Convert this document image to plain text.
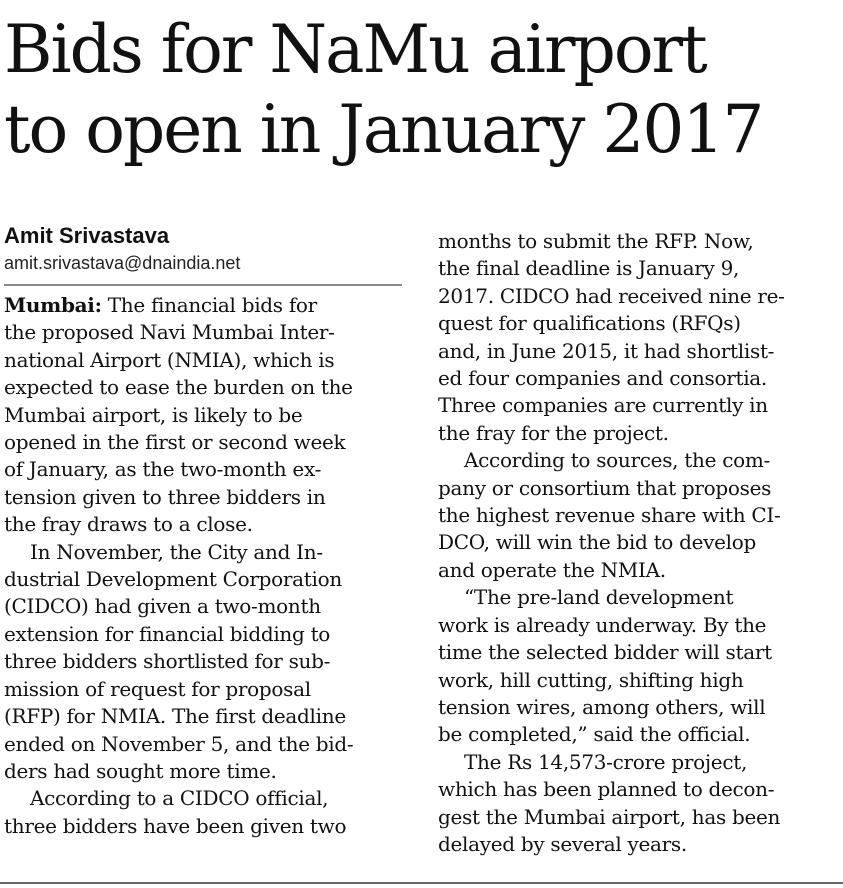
Bids for NaMu airport
to open in January 2017
Amit Srivastava
amit.srivastava@dnaindia.net
Mumbai: The financial bids for
the proposed Navi Mumbai Inter-
national Airport (NMIA), which is
expected to ease the burden on the
Mumbai airport, is likely to be
opened in the first or second week
of January, as the two-month ex-
tension given to three bidders in
the fray draws to a close.
In November, the City and In-
dustrial Development Corporation
(CIDCO) had given a two-month
extension for financial bidding to
three bidders shortlisted for sub-
mission of request for proposal
(RFP) for NMIA. The first deadline
ended on November 5, and the bid-
ders had sought more time.
According to a CIDCO official,
three bidders have been given two
months to submit the RFP. Now,
the final deadline is January 9,
2017. CIDCO had received nine re-
quest for qualifications (RFQs)
and, in June 2015, it had shortlist-
ed four companies and consortia.
Three companies are currently in
the fray for the project.
According to sources, the com-
pany or consortium that proposes
the highest revenue share with CI-
DCO, will win the bid to develop
and operate the NMIA.
“The pre-land development
work is already underway. By the
time the selected bidder will start
work, hill cutting, shifting high
tension wires, among others, will
be completed,” said the official.
The Rs 14,573-crore project,
which has been planned to decon-
gest the Mumbai airport, has been
delayed by several years.
